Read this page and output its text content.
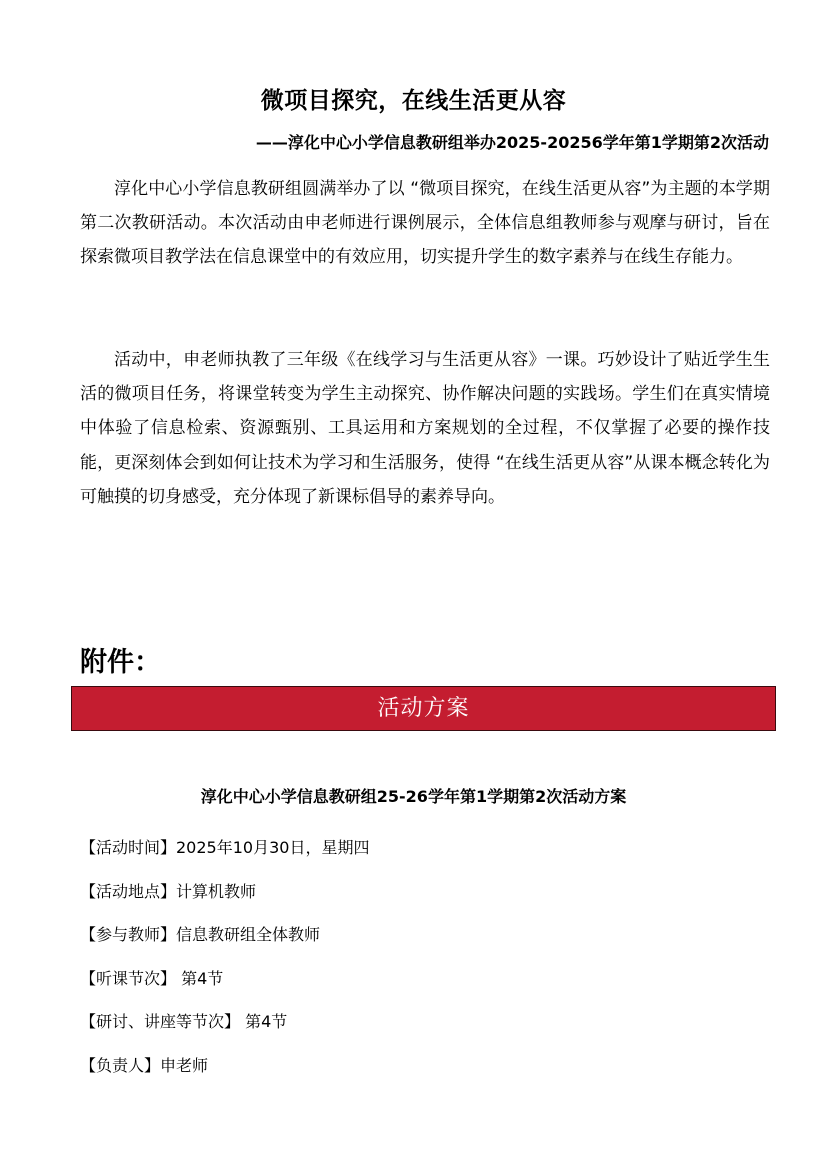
微项目探究，在线生活更从容
——淳化中心小学信息教研组举办2025-20256学年第1学期第2次活动

淳化中心小学信息教研组圆满举办了以 “微项目探究，在线生活更从容”为主题的本学期第二次教研活动。本次活动由申老师进行课例展示，全体信息组教师参与观摩与研讨，旨在探索微项目教学法在信息课堂中的有效应用，切实提升学生的数字素养与在线生存能力。

活动中，申老师执教了三年级《在线学习与生活更从容》一课。巧妙设计了贴近学生生活的微项目任务，将课堂转变为学生主动探究、协作解决问题的实践场。学生们在真实情境中体验了信息检索、资源甄别、工具运用和方案规划的全过程，不仅掌握了必要的操作技能，更深刻体会到如何让技术为学习和生活服务，使得 “在线生活更从容”从课本概念转化为可触摸的切身感受，充分体现了新课标倡导的素养导向。

附件：
活动方案
淳化中心小学信息教研组25-26学年第1学期第2次活动方案
【活动时间】2025年10月30日，星期四
【活动地点】计算机教师
【参与教师】信息教研组全体教师
【听课节次】 第4节
【研讨、讲座等节次】 第4节
【负责人】申老师
